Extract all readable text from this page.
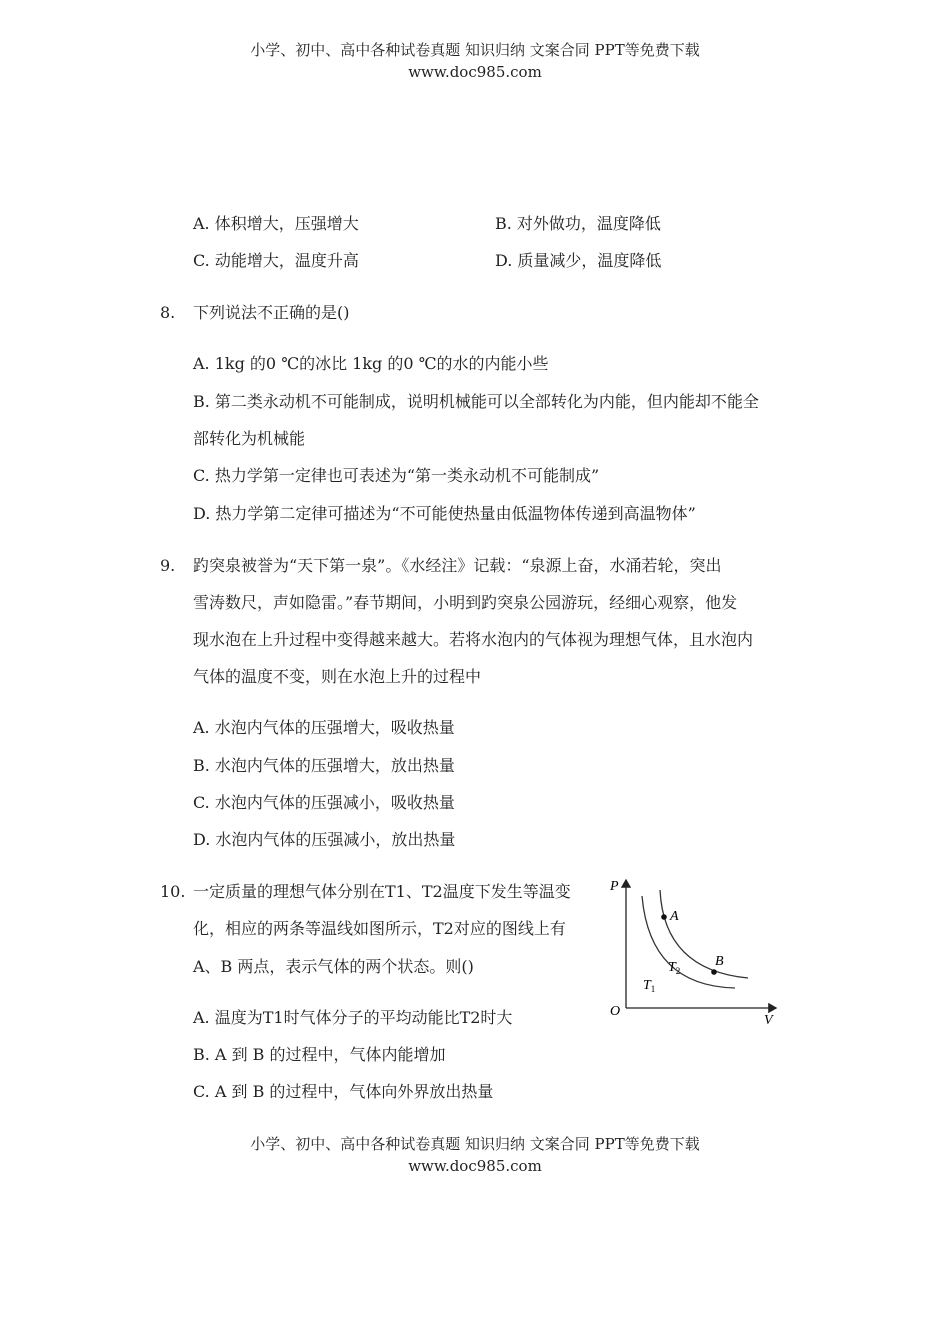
小学、初中、高中各种试卷真题 知识归纳 文案合同 PPT等免费下载
www.doc985.com
A. 体积增大，压强增大	B. 对外做功，温度降低
C. 动能增大，温度升高	D. 质量减少，温度降低
8. 下列说法不正确的是()
A. 1kg 的0 ℃的冰比 1kg 的0 ℃的水的内能小些
B. 第二类永动机不可能制成，说明机械能可以全部转化为内能，但内能却不能全
部转化为机械能
C. 热力学第一定律也可表述为“第一类永动机不可能制成”
D. 热力学第二定律可描述为“不可能使热量由低温物体传递到高温物体”
9. 趵突泉被誉为“天下第一泉”。《水经注》记载：“泉源上奋，水涌若轮，突出
雪涛数尺，声如隐雷。”春节期间，小明到趵突泉公园游玩，经细心观察，他发
现水泡在上升过程中变得越来越大。若将水泡内的气体视为理想气体，且水泡内
气体的温度不变，则在水泡上升的过程中
A. 水泡内气体的压强增大，吸收热量
B. 水泡内气体的压强增大，放出热量
C. 水泡内气体的压强减小，吸收热量
D. 水泡内气体的压强减小，放出热量
10. 一定质量的理想气体分别在T1、T2温度下发生等温变
化，相应的两条等温线如图所示，T2对应的图线上有
A、B 两点，表示气体的两个状态。则()
A. 温度为T1时气体分子的平均动能比T2时大
B. A 到 B 的过程中，气体内能增加
C. A 到 B 的过程中，气体向外界放出热量
P
V
O
A
B
$T_2$
$T_1$
小学、初中、高中各种试卷真题 知识归纳 文案合同 PPT等免费下载
www.doc985.com
